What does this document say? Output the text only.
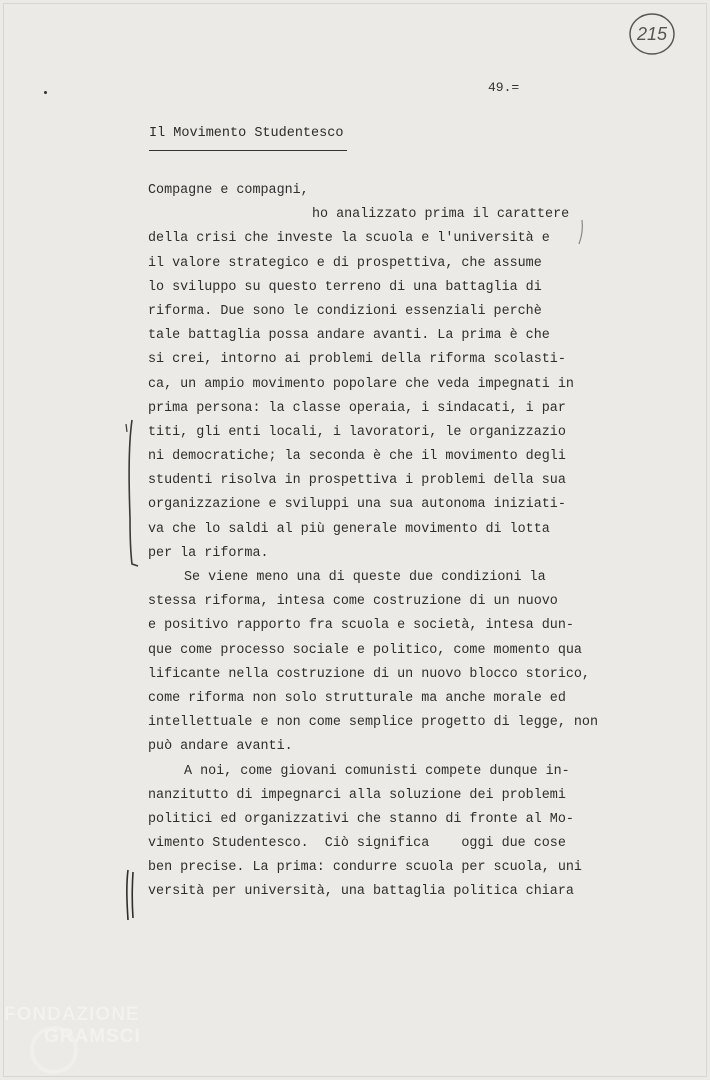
215
49.=
Il Movimento Studentesco
Compagne e compagni,
ho analizzato prima il carattere
della crisi che investe la scuola e l'università e
il valore strategico e di prospettiva, che assume
lo sviluppo su questo terreno di una battaglia di
riforma. Due sono le condizioni essenziali perchè
tale battaglia possa andare avanti. La prima è che
si crei, intorno ai problemi della riforma scolasti-
ca, un ampio movimento popolare che veda impegnati in
prima persona: la classe operaia, i sindacati, i par
titi, gli enti locali, i lavoratori, le organizzazio
ni democratiche; la seconda è che il movimento degli
studenti risolva in prospettiva i problemi della sua
organizzazione e sviluppi una sua autonoma iniziati-
va che lo saldi al più generale movimento di lotta
per la riforma.
Se viene meno una di queste due condizioni la
stessa riforma, intesa come costruzione di un nuovo
e positivo rapporto fra scuola e società, intesa dun-
que come processo sociale e politico, come momento qua
lificante nella costruzione di un nuovo blocco storico,
come riforma non solo strutturale ma anche morale ed
intellettuale e non come semplice progetto di legge, non
può andare avanti.
A noi, come giovani comunisti compete dunque in-
nanzitutto di impegnarci alla soluzione dei problemi
politici ed organizzativi che stanno di fronte al Mo-
vimento Studentesco.  Ciò significa    oggi due cose
ben precise. La prima: condurre scuola per scuola, uni
versità per università, una battaglia politica chiara
FONDAZIONE
GRAMSCI
